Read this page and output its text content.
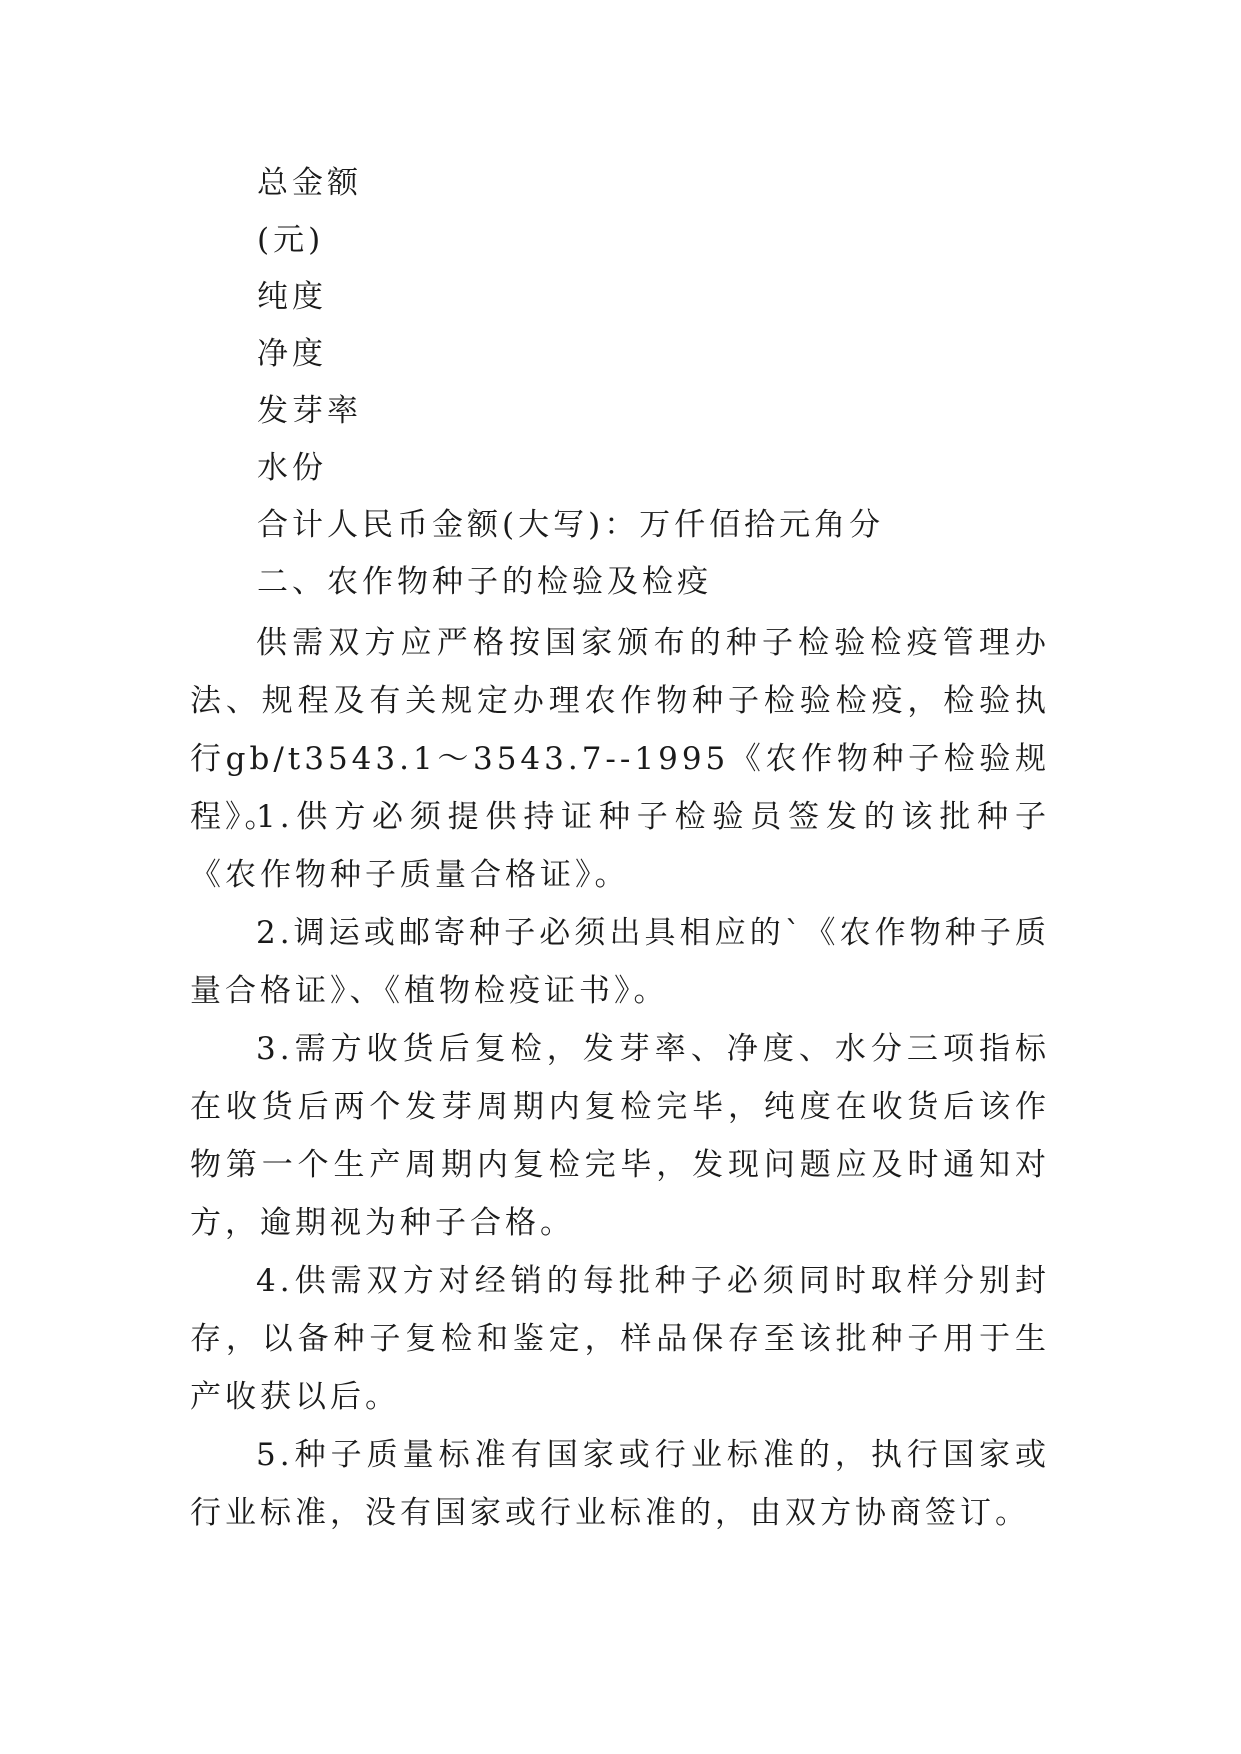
总金额
(元)
纯度
净度
发芽率
水份
合计人民币金额(大写)：万仟佰拾元角分
二、农作物种子的检验及检疫
供需双方应严格按国家颁布的种子检验检疫管理办法、规程及有关规定办理农作物种子检验检疫，检验执行gb/t3543.1～3543.7--1995《农作物种子检验规程》。
1.供方必须提供持证种子检验员签发的该批种子《农作物种子质量合格证》。
2.调运或邮寄种子必须出具相应的`《农作物种子质量合格证》、《植物检疫证书》。
3.需方收货后复检，发芽率、净度、水分三项指标在收货后两个发芽周期内复检完毕，纯度在收货后该作物第一个生产周期内复检完毕，发现问题应及时通知对方，逾期视为种子合格。
4.供需双方对经销的每批种子必须同时取样分别封存，以备种子复检和鉴定，样品保存至该批种子用于生产收获以后。
5.种子质量标准有国家或行业标准的，执行国家或行业标准，没有国家或行业标准的，由双方协商签订。
